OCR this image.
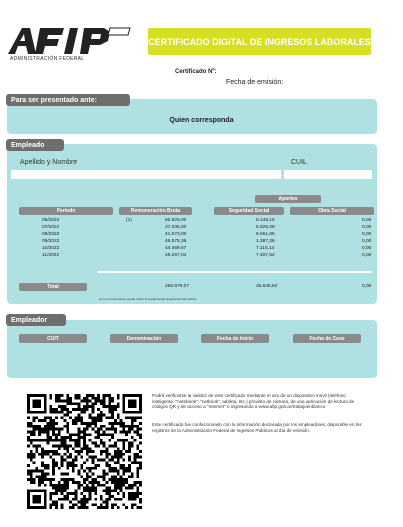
ADMINISTRACIÓN FEDERAL
CERTIFICADO DIGITAL DE INGRESOS LABORALES
Certificado Nº:
Fecha de emisión:
Para ser presentado ante:
Quien corresponda
Empleado
Apellido y Nombre	CUIL
Aportes
Periodo	Remuneración Bruta	Seguridad Social	Obra Social
06/2022	(1)	50.926,00	8.148,16	0,00
07/2022	37.036,00	5.926,08	0,00
08/2022	41.573,00	6.651,68	0,00
09/2022	46.575,36	1.397,26	0,00
10/2022	44.469,67	7.115,14	0,00
11/2022	46.297,04	7.407,52	0,00
Total	266.879,07	36.645,84	0,00
(1) La remuneración puede incluir el sueldo anual complementario (SAC).
Empleador
CUIT	Denominación	Fecha de Inicio	Fecha de Cese
Podrá verificarse la validez de este certificado mediante el uso de un dispositivo móvil (teléfono inteligente, "notebook", "netbook", tableta, etc.) provisto de cámara, de una aplicación de lectura de códigos QR y de acceso a "Internet" o ingresando a www.afip.gob.ar/trabajoenblanco
Este certificado fue confeccionado con la información declarada por los empleadores, disponible en los registros de la Administración Federal de Ingresos Públicos al día de emisión.
